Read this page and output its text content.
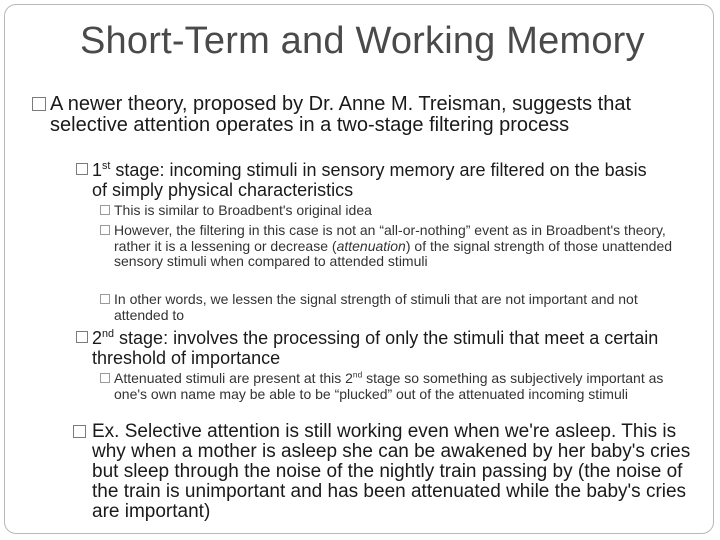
Short-Term and Working Memory
A newer theory, proposed by Dr. Anne M. Treisman, suggests that selective attention operates in a two-stage filtering process
1st stage: incoming stimuli in sensory memory are filtered on the basis of simply physical characteristics
This is similar to Broadbent's original idea
However, the filtering in this case is not an “all-or-nothing” event as in Broadbent's theory, rather it is a lessening or decrease (attenuation) of the signal strength of those unattended sensory stimuli when compared to attended stimuli
In other words, we lessen the signal strength of stimuli that are not important and not attended to
2nd stage: involves the processing of only the stimuli that meet a certain threshold of importance
Attenuated stimuli are present at this 2nd stage so something as subjectively important as one's own name may be able to be “plucked” out of the attenuated incoming stimuli
Ex. Selective attention is still working even when we're asleep. This is why when a mother is asleep she can be awakened by her baby's cries but sleep through the noise of the nightly train passing by (the noise of the train is unimportant and has been attenuated while the baby's cries are important)
